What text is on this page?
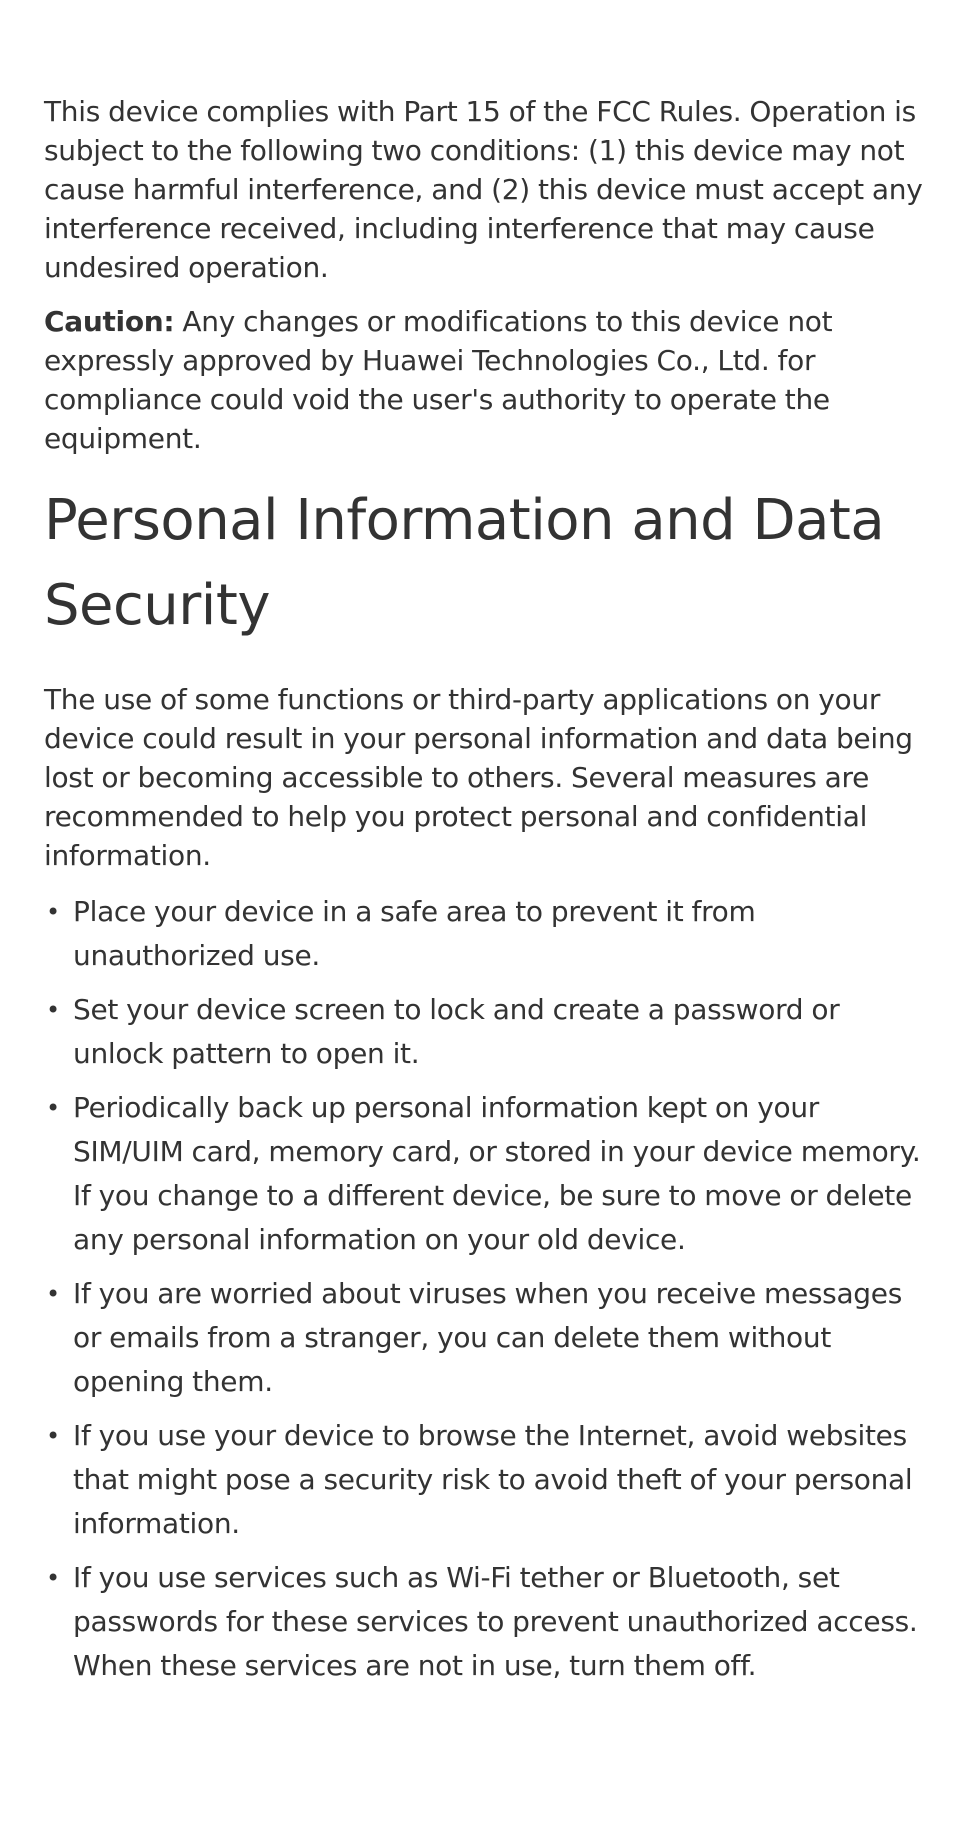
This device complies with Part 15 of the FCC Rules. Operation is subject to the following two conditions: (1) this device may not cause harmful interference, and (2) this device must accept any interference received, including interference that may cause undesired operation.

Caution: Any changes or modifications to this device not expressly approved by Huawei Technologies Co., Ltd. for compliance could void the user's authority to operate the equipment.

Personal Information and Data Security

The use of some functions or third-party applications on your device could result in your personal information and data being lost or becoming accessible to others. Several measures are recommended to help you protect personal and confidential information.

• Place your device in a safe area to prevent it from unauthorized use.
• Set your device screen to lock and create a password or unlock pattern to open it.
• Periodically back up personal information kept on your SIM/UIM card, memory card, or stored in your device memory. If you change to a different device, be sure to move or delete any personal information on your old device.
• If you are worried about viruses when you receive messages or emails from a stranger, you can delete them without opening them.
• If you use your device to browse the Internet, avoid websites that might pose a security risk to avoid theft of your personal information.
• If you use services such as Wi-Fi tether or Bluetooth, set passwords for these services to prevent unauthorized access. When these services are not in use, turn them off.
